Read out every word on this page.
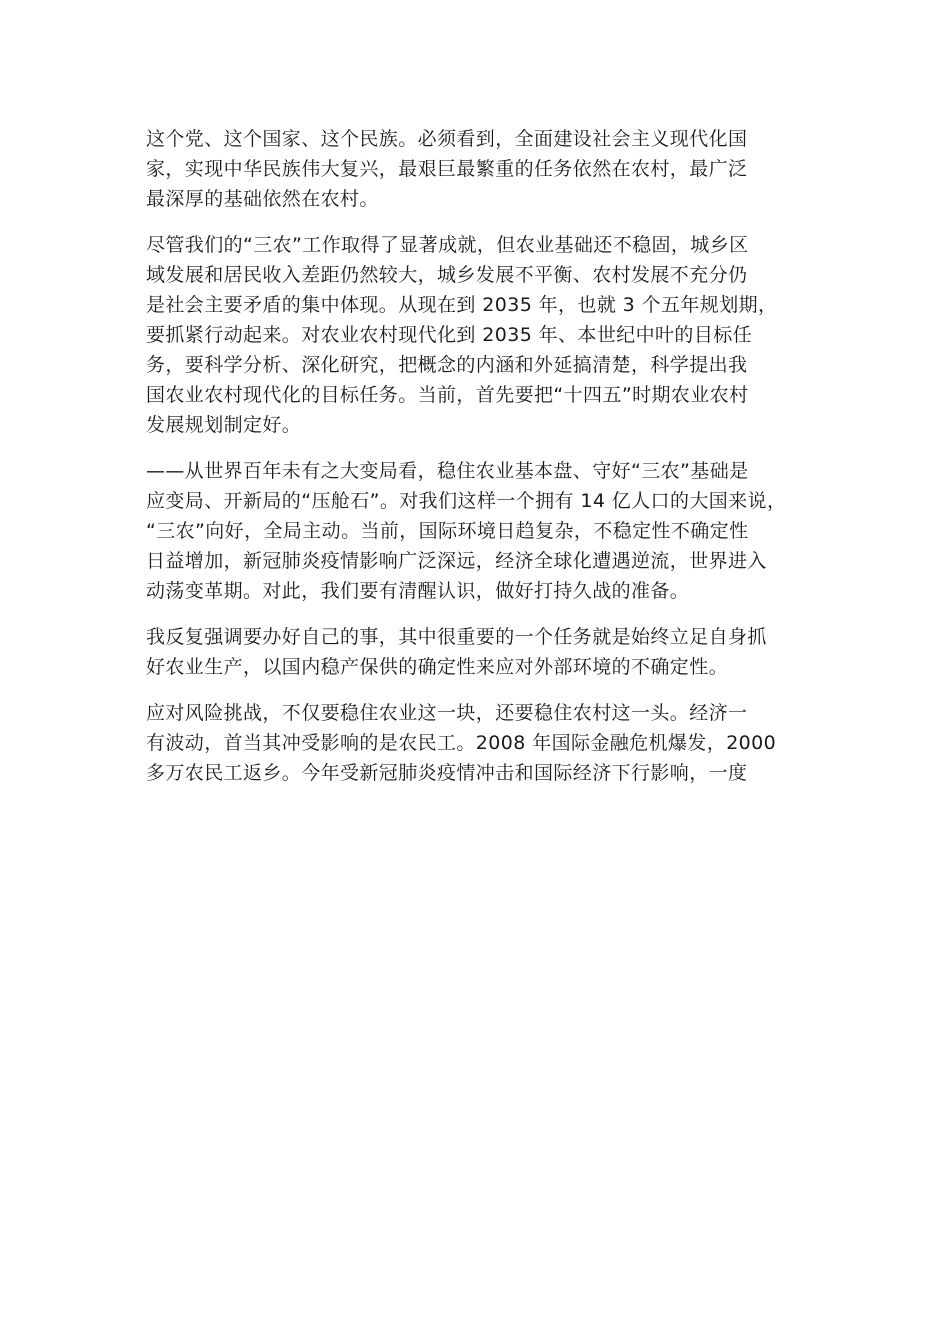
这个党、这个国家、这个民族。必须看到，全面建设社会主义现代化国
家，实现中华民族伟大复兴，最艰巨最繁重的任务依然在农村，最广泛
最深厚的基础依然在农村。

尽管我们的“三农”工作取得了显著成就，但农业基础还不稳固，城乡区
域发展和居民收入差距仍然较大，城乡发展不平衡、农村发展不充分仍
是社会主要矛盾的集中体现。从现在到 2035 年，也就 3 个五年规划期，
要抓紧行动起来。对农业农村现代化到 2035 年、本世纪中叶的目标任
务，要科学分析、深化研究，把概念的内涵和外延搞清楚，科学提出我
国农业农村现代化的目标任务。当前，首先要把“十四五”时期农业农村
发展规划制定好。

——从世界百年未有之大变局看，稳住农业基本盘、守好“三农”基础是
应变局、开新局的“压舱石”。对我们这样一个拥有 14 亿人口的大国来说，
“三农”向好，全局主动。当前，国际环境日趋复杂，不稳定性不确定性
日益增加，新冠肺炎疫情影响广泛深远，经济全球化遭遇逆流，世界进入
动荡变革期。对此，我们要有清醒认识，做好打持久战的准备。

我反复强调要办好自己的事，其中很重要的一个任务就是始终立足自身抓
好农业生产，以国内稳产保供的确定性来应对外部环境的不确定性。

应对风险挑战，不仅要稳住农业这一块，还要稳住农村这一头。经济一
有波动，首当其冲受影响的是农民工。2008 年国际金融危机爆发，2000
多万农民工返乡。今年受新冠肺炎疫情冲击和国际经济下行影响，一度
